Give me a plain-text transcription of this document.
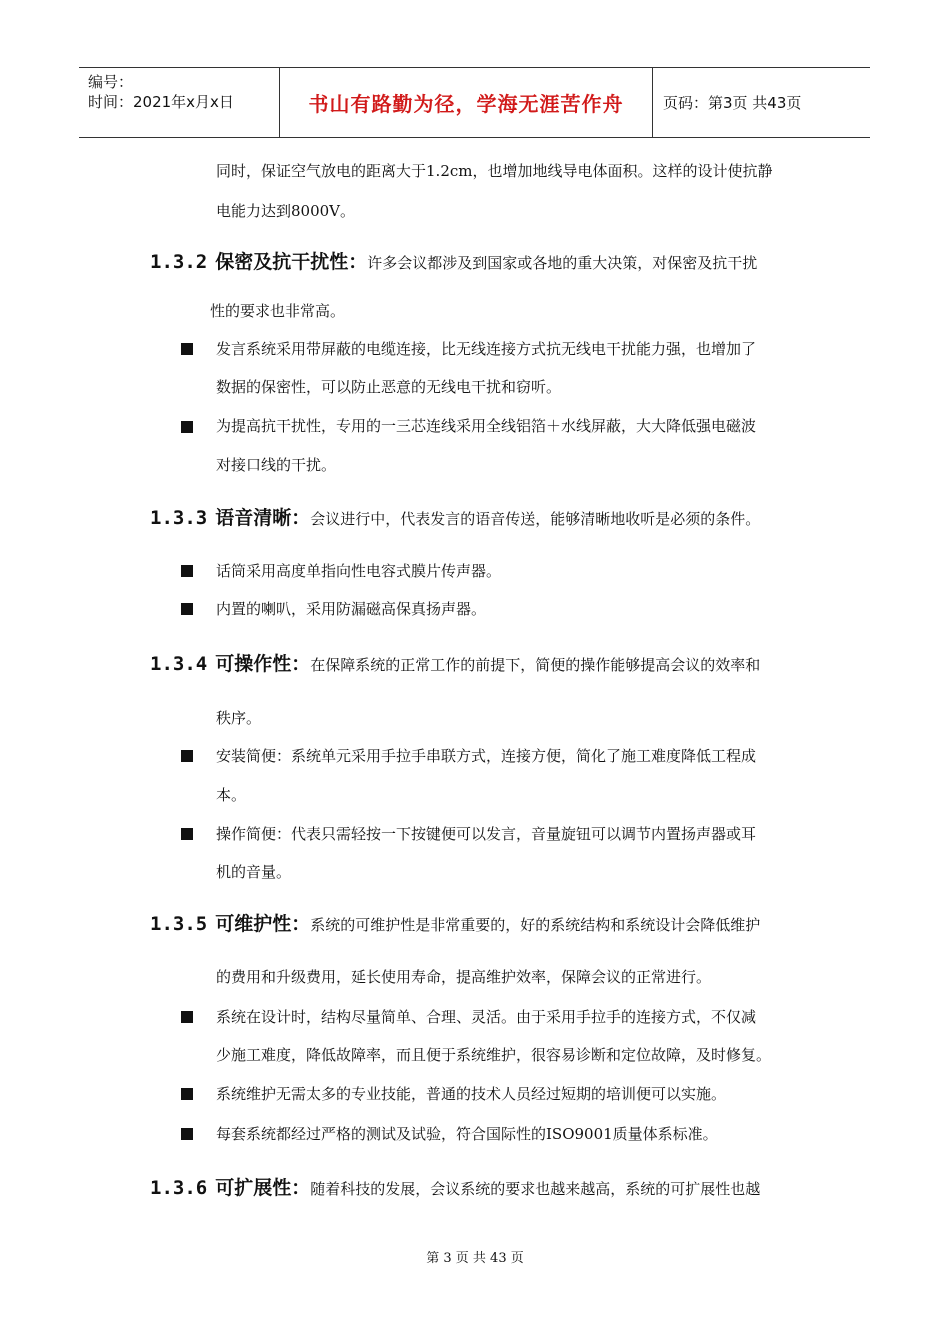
编号：
时间：2021年x月x日	书山有路勤为径，学海无涯苦作舟	页码：第3页 共43页
同时，保证空气放电的距离大于1.2cm，也增加地线导电体面积。这样的设计使抗静
电能力达到8000V。
1.3.2 保密及抗干扰性：许多会议都涉及到国家或各地的重大决策，对保密及抗干扰
性的要求也非常高。
发言系统采用带屏蔽的电缆连接，比无线连接方式抗无线电干扰能力强，也增加了
数据的保密性，可以防止恶意的无线电干扰和窃听。
为提高抗干扰性，专用的一三芯连线采用全线铝箔＋水线屏蔽，大大降低强电磁波
对接口线的干扰。
1.3.3 语音清晰：会议进行中，代表发言的语音传送，能够清晰地收听是必须的条件。
话筒采用高度单指向性电容式膜片传声器。
内置的喇叭，采用防漏磁高保真扬声器。
1.3.4 可操作性：在保障系统的正常工作的前提下，简便的操作能够提高会议的效率和
秩序。
安装简便：系统单元采用手拉手串联方式，连接方便，简化了施工难度降低工程成
本。
操作简便：代表只需轻按一下按键便可以发言，音量旋钮可以调节内置扬声器或耳
机的音量。
1.3.5 可维护性：系统的可维护性是非常重要的，好的系统结构和系统设计会降低维护
的费用和升级费用，延长使用寿命，提高维护效率，保障会议的正常进行。
系统在设计时，结构尽量简单、合理、灵活。由于采用手拉手的连接方式，不仅减
少施工难度，降低故障率，而且便于系统维护，很容易诊断和定位故障，及时修复。
系统维护无需太多的专业技能，普通的技术人员经过短期的培训便可以实施。
每套系统都经过严格的测试及试验，符合国际性的ISO9001质量体系标准。
1.3.6 可扩展性：随着科技的发展，会议系统的要求也越来越高，系统的可扩展性也越
第 3 页 共 43 页
